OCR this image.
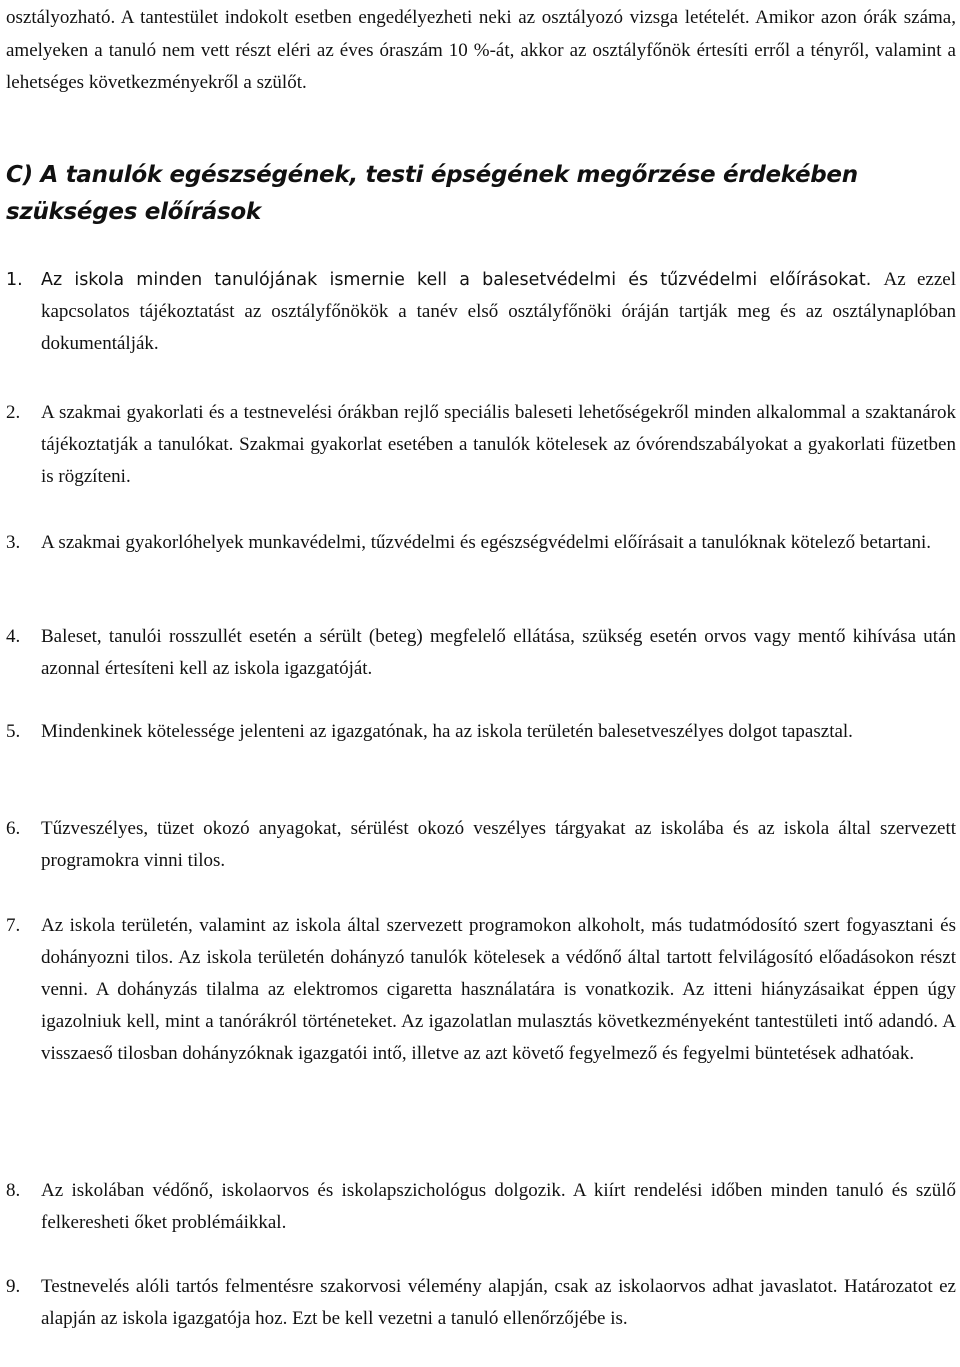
osztályozható. A tantestület indokolt esetben engedélyezheti neki az osztályozó vizsga letételét. Amikor azon órák száma, amelyeken a tanuló nem vett részt eléri az éves óraszám 10 %-át, akkor az osztályfőnök értesíti erről a tényről, valamint a lehetséges következményekről a szülőt.

C) A tanulók egészségének, testi épségének megőrzése érdekében szükséges előírások
1. Az iskola minden tanulójának ismernie kell a balesetvédelmi és tűzvédelmi előírásokat. Az ezzel kapcsolatos tájékoztatást az osztályfőnökök a tanév első osztályfőnöki óráján tartják meg és az osztálynaplóban dokumentálják.
2. A szakmai gyakorlati és a testnevelési órákban rejlő speciális baleseti lehetőségekről minden alkalommal a szaktanárok tájékoztatják a tanulókat. Szakmai gyakorlat esetében a tanulók kötelesek az óvórendszabályokat a gyakorlati füzetben is rögzíteni.
3. A szakmai gyakorlóhelyek munkavédelmi, tűzvédelmi és egészségvédelmi előírásait a tanulóknak kötelező betartani.
4. Baleset, tanulói rosszullét esetén a sérült (beteg) megfelelő ellátása, szükség esetén orvos vagy mentő kihívása után azonnal értesíteni kell az iskola igazgatóját.
5. Mindenkinek kötelessége jelenteni az igazgatónak, ha az iskola területén balesetveszélyes dolgot tapasztal.
6. Tűzveszélyes, tüzet okozó anyagokat, sérülést okozó veszélyes tárgyakat az iskolába és az iskola által szervezett programokra vinni tilos.
7. Az iskola területén, valamint az iskola által szervezett programokon alkoholt, más tudatmódosító szert fogyasztani és dohányozni tilos. Az iskola területén dohányzó tanulók kötelesek a védőnő által tartott felvilágosító előadásokon részt venni. A dohányzás tilalma az elektromos cigaretta használatára is vonatkozik. Az itteni hiányzásaikat éppen úgy igazolniuk kell, mint a tanórákról történeteket. Az igazolatlan mulasztás következményeként tantestületi intő adandó. A visszaeső tilosban dohányzóknak igazgatói intő, illetve az azt követő fegyelmező és fegyelmi büntetések adhatóak.
8. Az iskolában védőnő, iskolaorvos és iskolapszichológus dolgozik. A kiírt rendelési időben minden tanuló és szülő felkeresheti őket problémáikkal.
9. Testnevelés alóli tartós felmentésre szakorvosi vélemény alapján, csak az iskolaorvos adhat javaslatot. Határozatot ez alapján az iskola igazgatója hoz. Ezt be kell vezetni a tanuló ellenőrzőjébe is.
